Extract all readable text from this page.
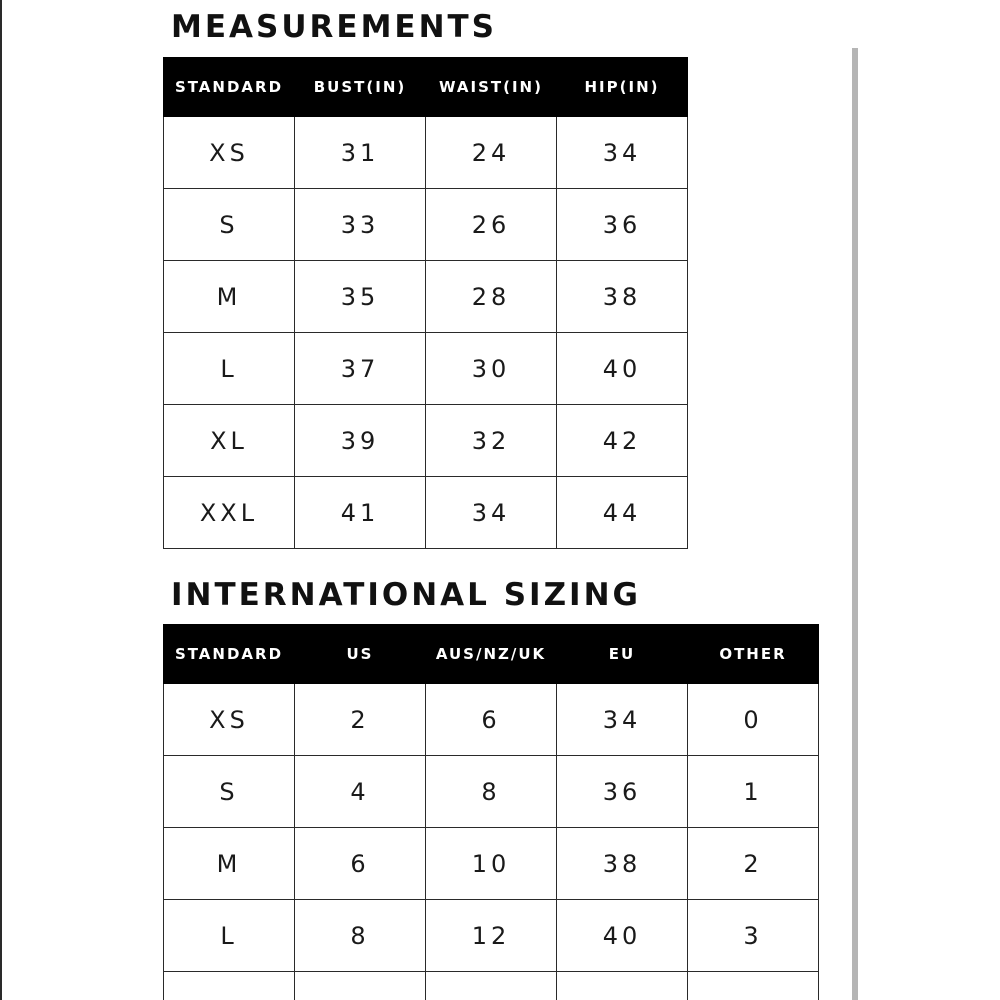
MEASUREMENTS
STANDARD	BUST(IN)	WAIST(IN)	HIP(IN)
XS	31	24	34
S	33	26	36
M	35	28	38
L	37	30	40
XL	39	32	42
XXL	41	34	44
INTERNATIONAL SIZING
STANDARD	US	AUS/NZ/UK	EU	OTHER
XS	2	6	34	0
S	4	8	36	1
M	6	10	38	2
L	8	12	40	3
